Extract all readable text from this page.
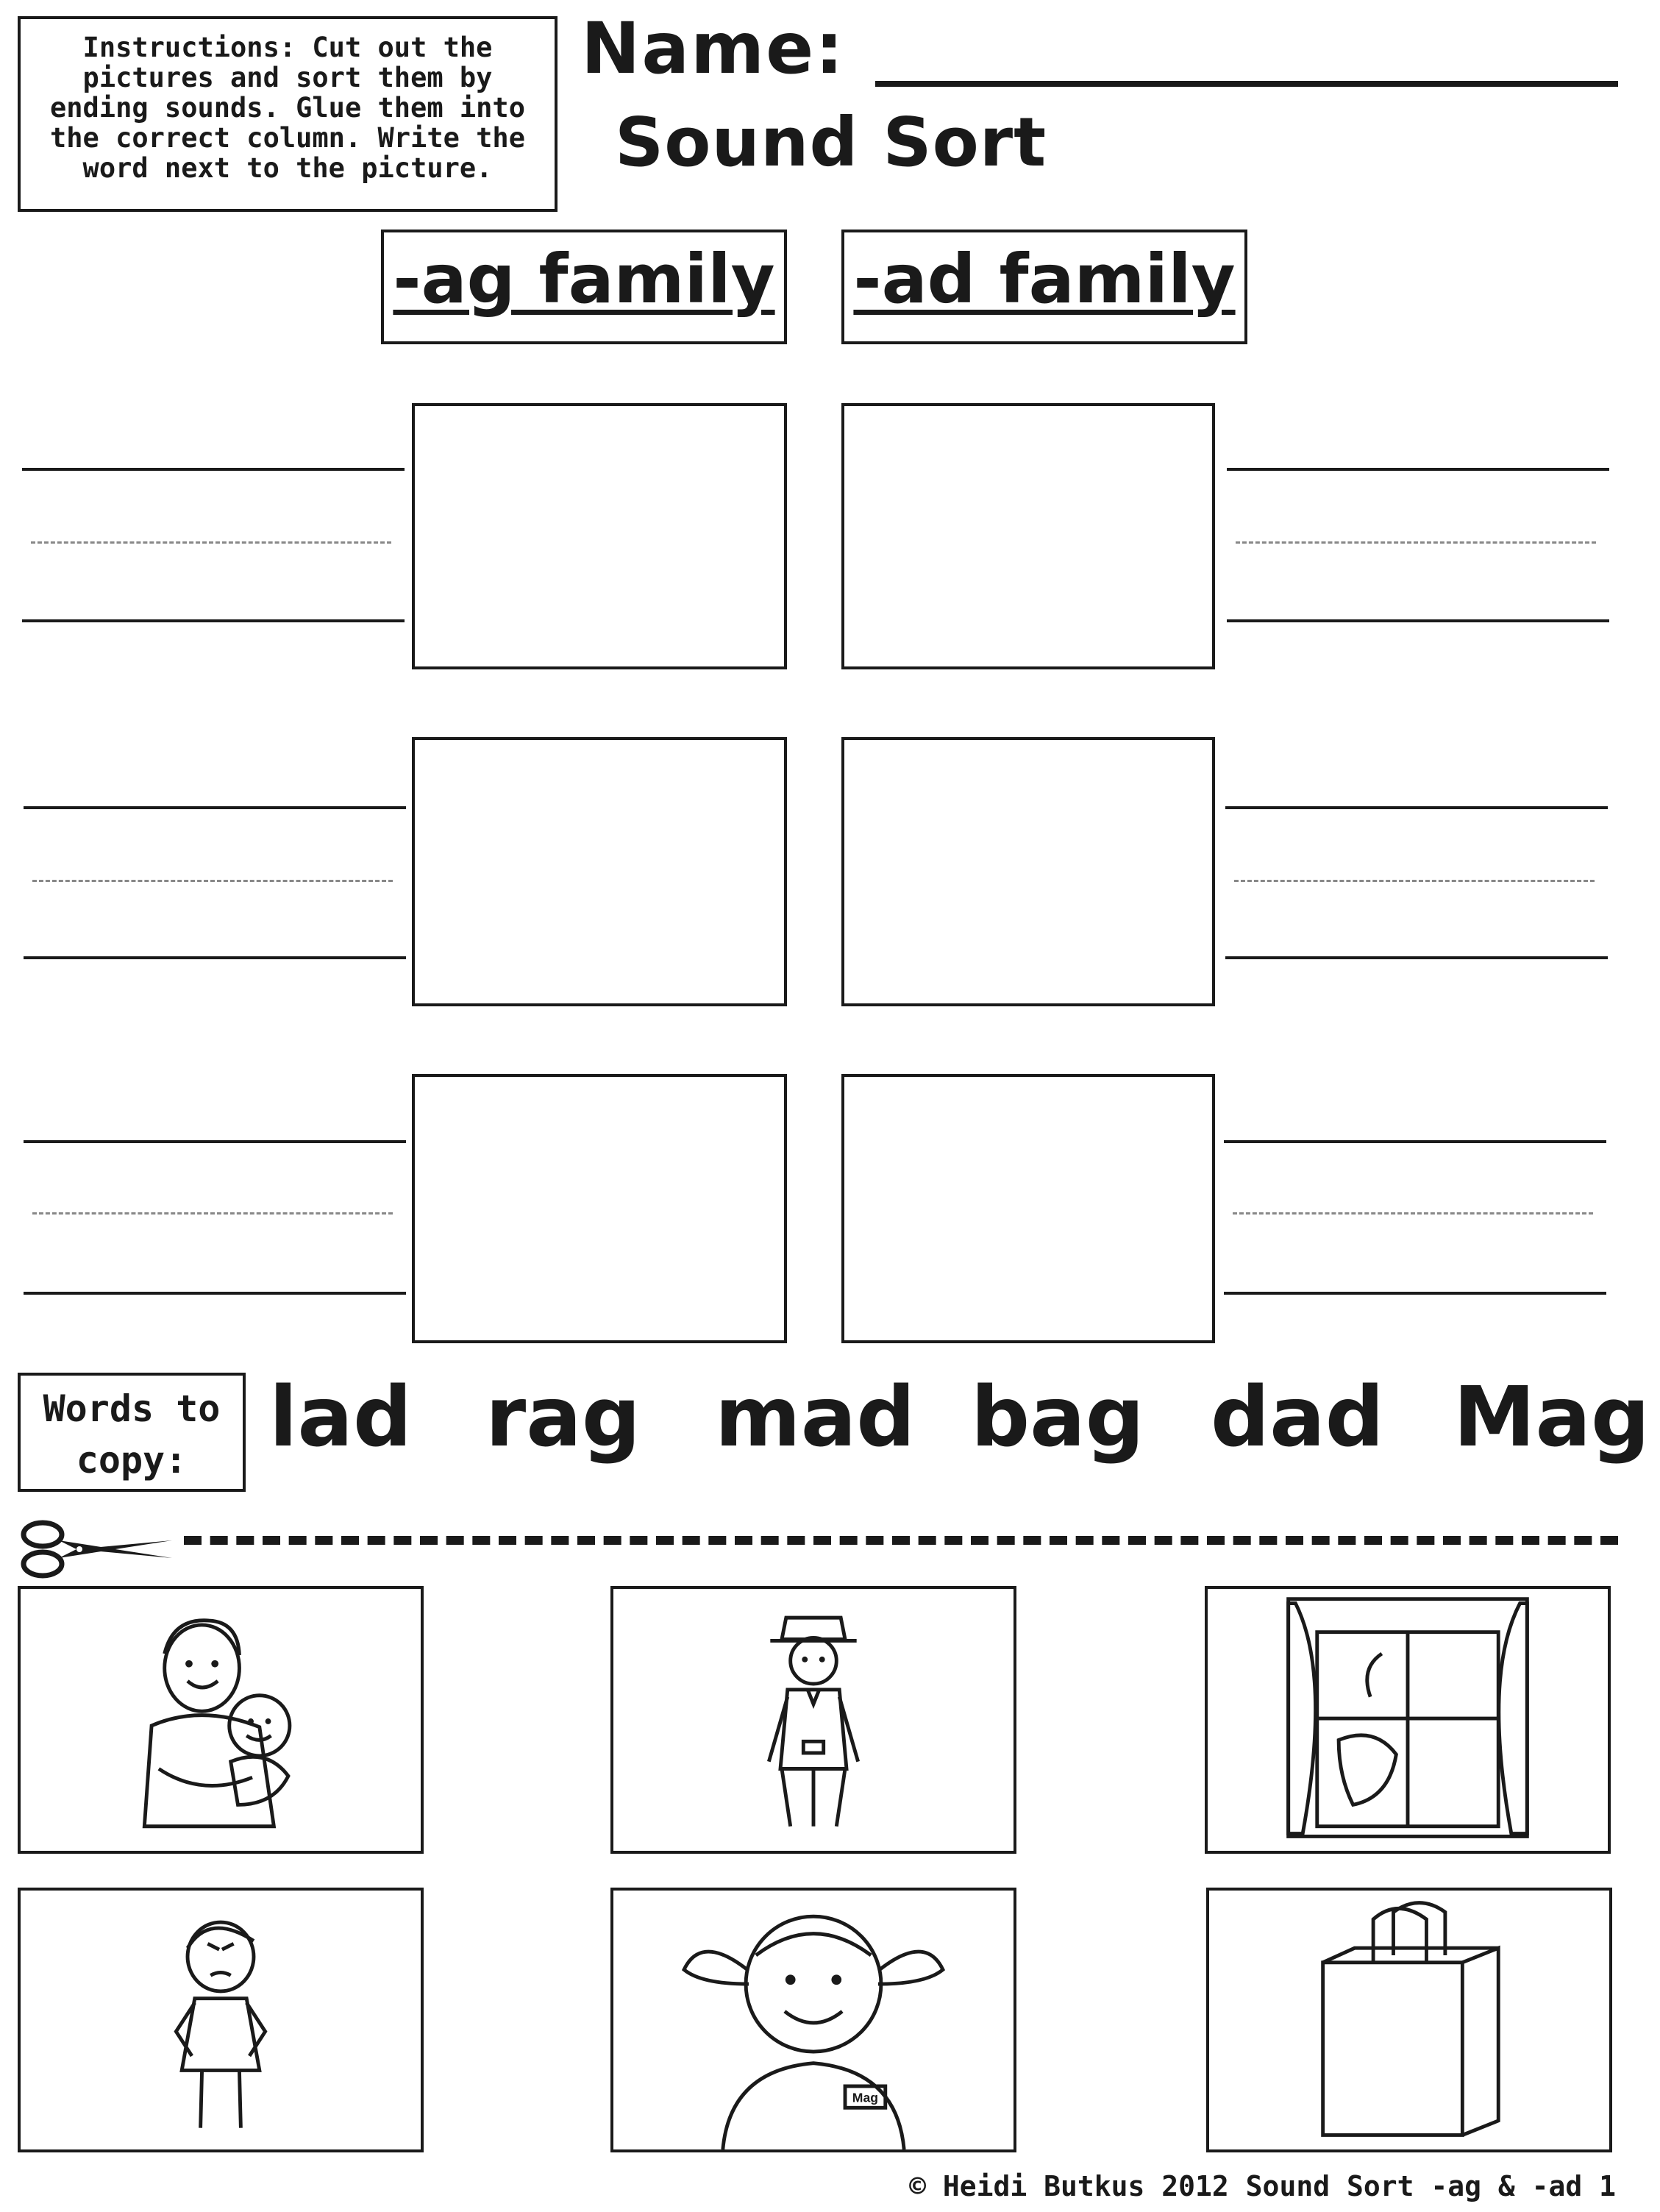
Instructions: Cut out the pictures and sort them by ending sounds. Glue them into the correct column. Write the word next to the picture.
Name:
Sound Sort
-ag family -ad family
Words to copy: lad rag mad bag dad Mag
Mag
© Heidi Butkus 2012 Sound Sort -ag & -ad 1
